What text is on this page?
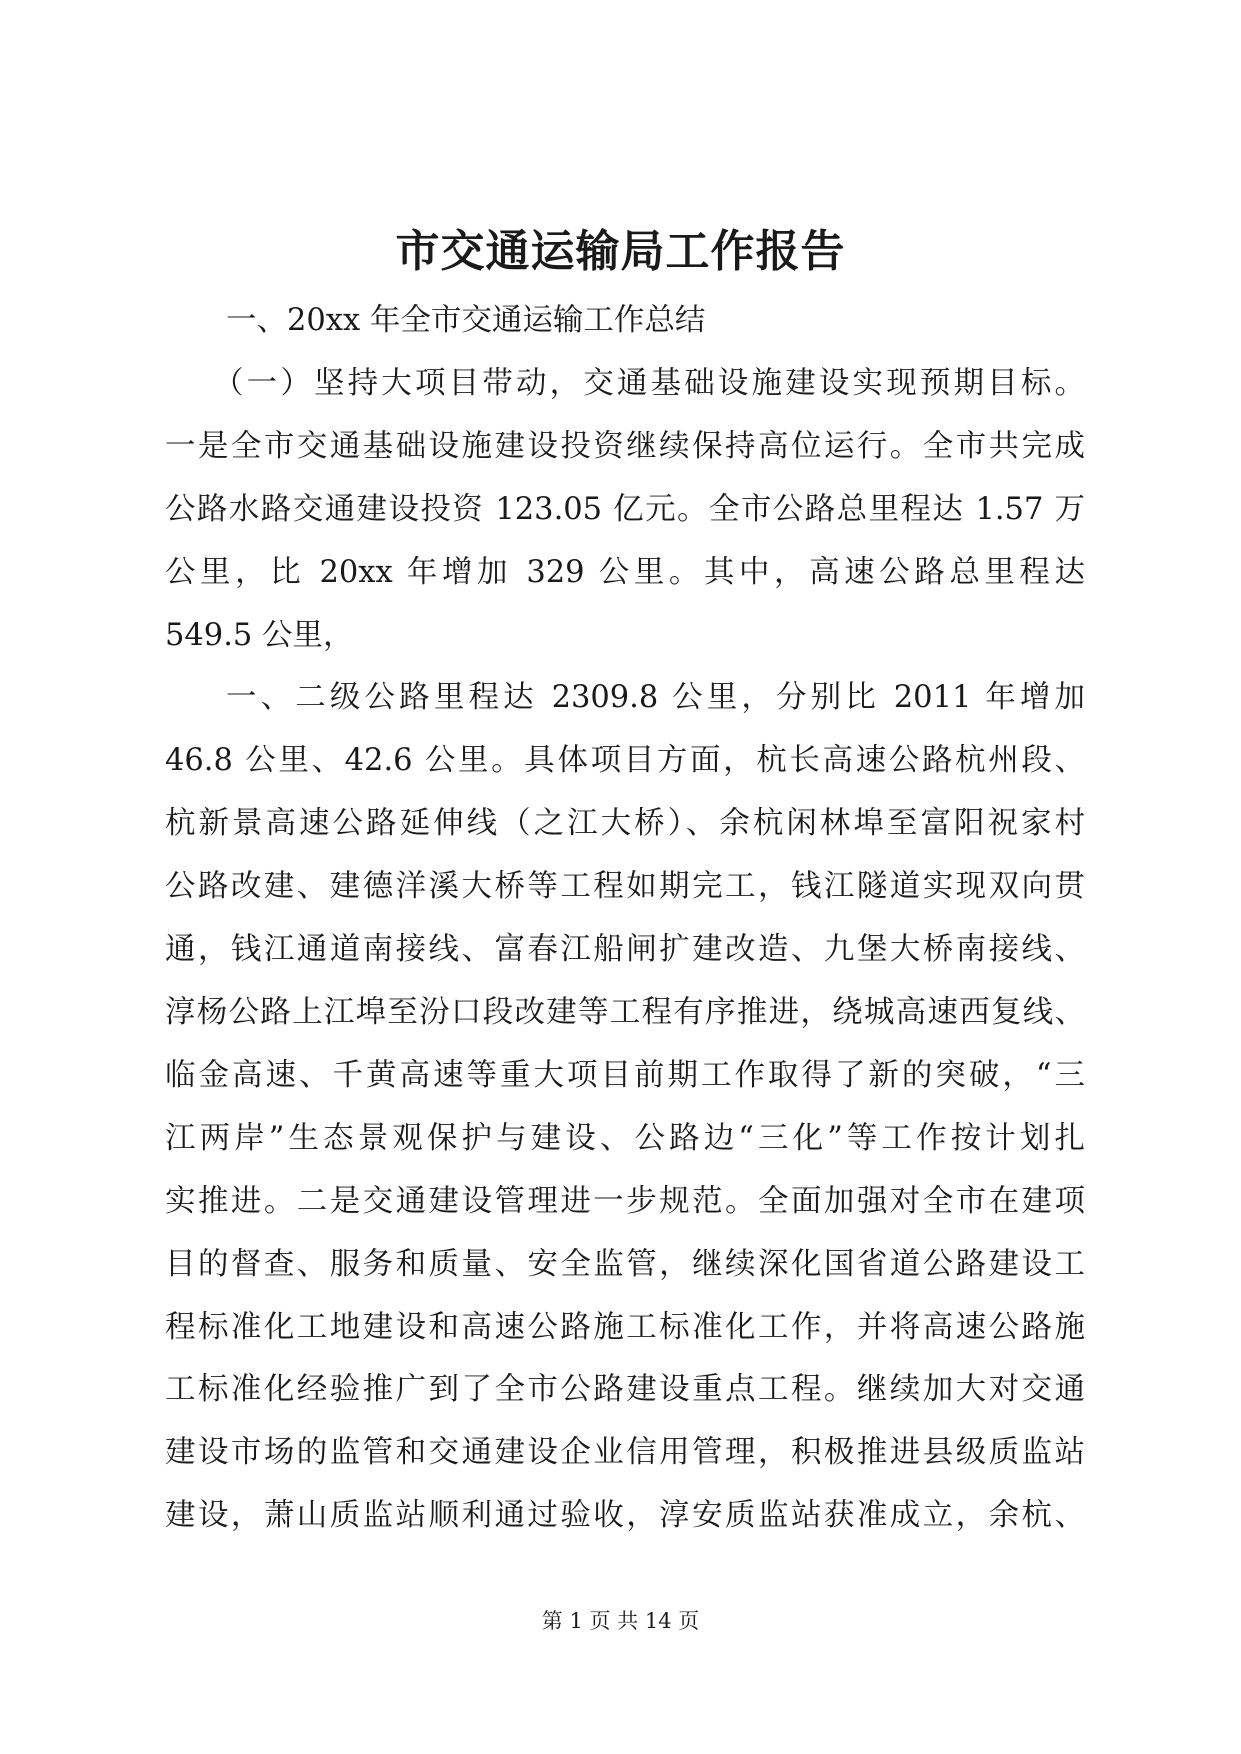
市交通运输局工作报告

一、20xx 年全市交通运输工作总结

（一）坚持大项目带动，交通基础设施建设实现预期目标。
一是全市交通基础设施建设投资继续保持高位运行。全市共完成
公路水路交通建设投资 123.05 亿元。全市公路总里程达 1.57 万
公里，比 20xx 年增加 329 公里。其中，高速公路总里程达
549.5 公里，

一、二级公路里程达 2309.8 公里，分别比 2011 年增加
46.8 公里、42.6 公里。具体项目方面，杭长高速公路杭州段、
杭新景高速公路延伸线（之江大桥）、余杭闲林埠至富阳祝家村
公路改建、建德洋溪大桥等工程如期完工，钱江隧道实现双向贯
通，钱江通道南接线、富春江船闸扩建改造、九堡大桥南接线、
淳杨公路上江埠至汾口段改建等工程有序推进，绕城高速西复线、
临金高速、千黄高速等重大项目前期工作取得了新的突破，“三
江两岸”生态景观保护与建设、公路边“三化”等工作按计划扎
实推进。二是交通建设管理进一步规范。全面加强对全市在建项
目的督查、服务和质量、安全监管，继续深化国省道公路建设工
程标准化工地建设和高速公路施工标准化工作，并将高速公路施
工标准化经验推广到了全市公路建设重点工程。继续加大对交通
建设市场的监管和交通建设企业信用管理，积极推进县级质监站
建设，萧山质监站顺利通过验收，淳安质监站获准成立，余杭、

第 1 页 共 14 页
